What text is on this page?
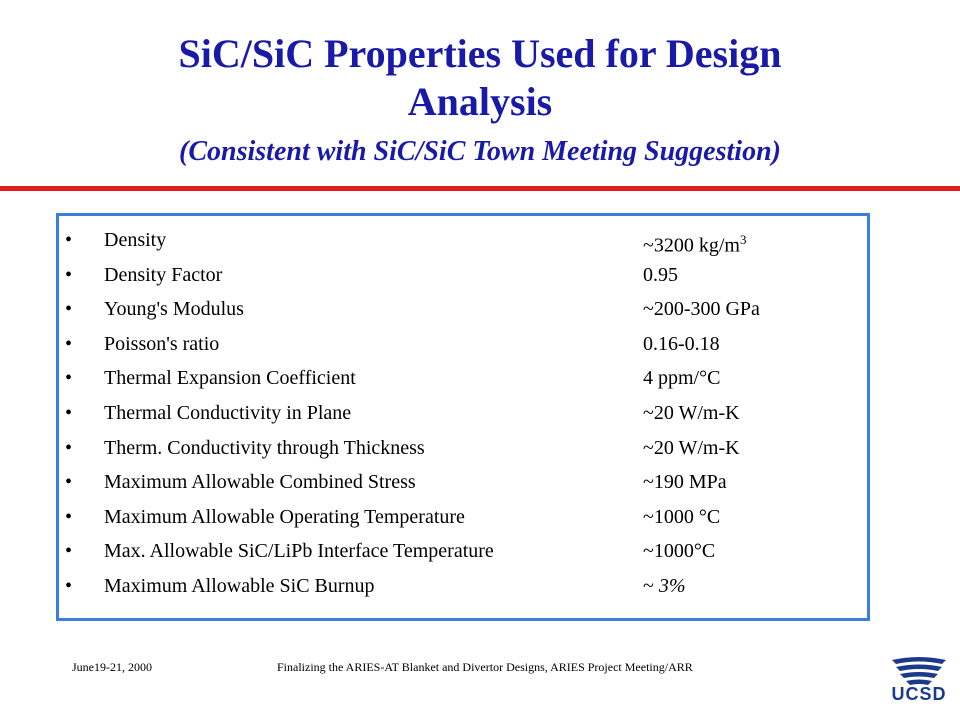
SiC/SiC Properties Used for Design
Analysis
(Consistent with SiC/SiC Town Meeting Suggestion)
• Density	~3200 $kg/m^3$
• Density Factor	0.95
• Young's Modulus	~200-300 GPa
• Poisson's ratio	0.16-0.18
• Thermal Expansion Coefficient	4 ppm/°C
• Thermal Conductivity in Plane	~20 W/m-K
• Therm. Conductivity through Thickness	~20 W/m-K
• Maximum Allowable Combined Stress	~190 MPa
• Maximum Allowable Operating Temperature	~1000 °C
• Max. Allowable SiC/LiPb Interface Temperature	~1000°C
• Maximum Allowable SiC Burnup	~ 3%
June19-21, 2000	Finalizing the ARIES-AT Blanket and Divertor Designs, ARIES Project Meeting/ARR
UCSD
